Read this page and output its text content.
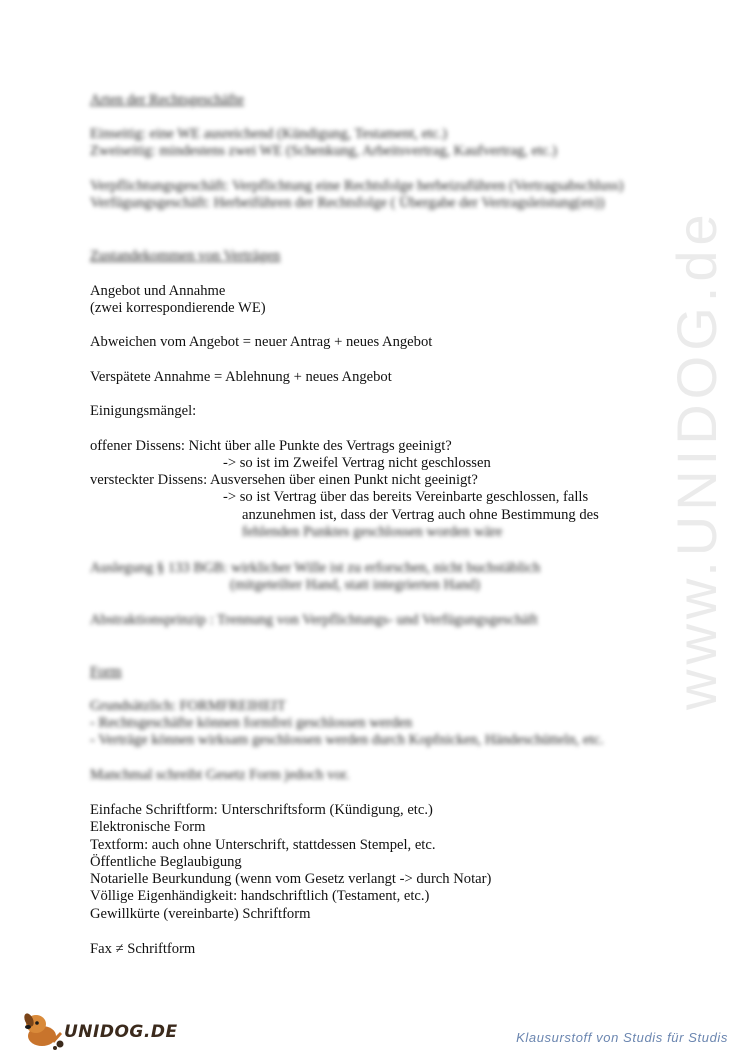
www.UNIDOG.de
Arten der Rechtsgeschäfte
Einseitig: eine WE ausreichend (Kündigung, Testament, etc.)
Zweiseitig: mindestens zwei WE (Schenkung, Arbeitsvertrag, Kaufvertrag, etc.)
Verpflichtungsgeschäft: Verpflichtung eine Rechtsfolge herbeizuführen (Vertragsabschluss)
Verfügungsgeschäft: Herbeiführen der Rechtsfolge ( Übergabe der Vertragsleistung(en))
Zustandekommen von Verträgen
Angebot und Annahme
(zwei korrespondierende WE)
Abweichen vom Angebot = neuer Antrag + neues Angebot
Verspätete Annahme = Ablehnung + neues Angebot
Einigungsmängel:
offener Dissens: Nicht über alle Punkte des Vertrags geeinigt?
-> so ist im Zweifel Vertrag nicht geschlossen
versteckter Dissens: Ausversehen über einen Punkt nicht geeinigt?
-> so ist Vertrag über das bereits Vereinbarte geschlossen, falls
anzunehmen ist, dass der Vertrag auch ohne Bestimmung des
fehlenden Punktes geschlossen worden wäre
Auslegung § 133 BGB: wirklicher Wille ist zu erforschen, nicht buchstäblich
(mitgeteilter Hand, statt integrierten Hand)
Abstraktionsprinzip : Trennung von Verpflichtungs- und Verfügungsgeschäft
Form
Grundsätzlich: FORMFREIHEIT
- Rechtsgeschäfte können formfrei geschlossen werden
- Verträge können wirksam geschlossen werden durch Kopfnicken, Händeschütteln, etc.
Manchmal schreibt Gesetz Form jedoch vor.
Einfache Schriftform: Unterschriftsform (Kündigung, etc.)
Elektronische Form
Textform: auch ohne Unterschrift, stattdessen Stempel, etc.
Öffentliche Beglaubigung
Notarielle Beurkundung (wenn vom Gesetz verlangt -> durch Notar)
Völlige Eigenhändigkeit: handschriftlich (Testament, etc.)
Gewillkürte (vereinbarte) Schriftform
Fax ≠ Schriftform
UNIDOG.DE	Klausurstoff von Studis für Studis
